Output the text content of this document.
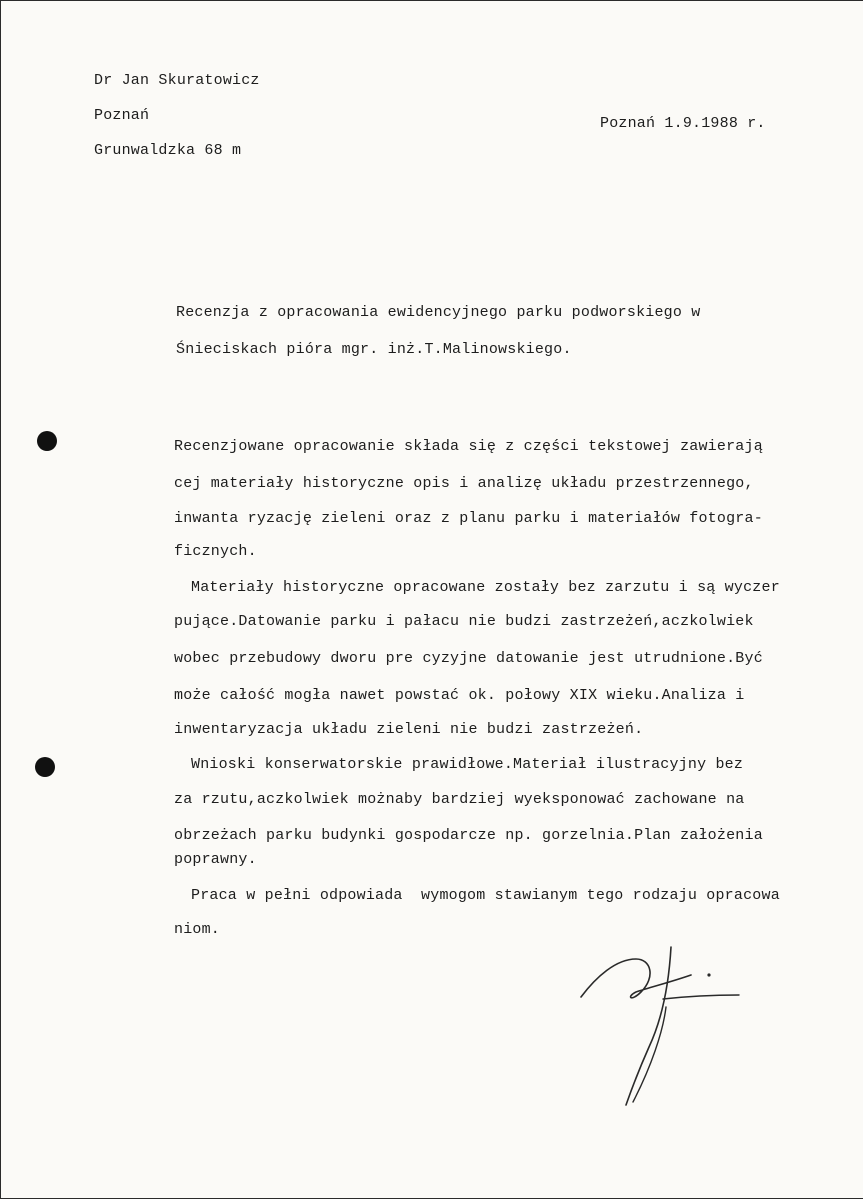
Dr Jan Skuratowicz
Poznań
Grunwaldzka 68 m
Poznań 1.9.1988 r.
Recenzja z opracowania ewidencyjnego parku podworskiego w
Śnieciskach pióra mgr. inż.T.Malinowskiego.
Recenzjowane opracowanie składa się z części tekstowej zawierają
cej materiały historyczne opis i analizę układu przestrzennego,
inwanta ryzację zieleni oraz z planu parku i materiałów fotogra-
ficznych.
Materiały historyczne opracowane zostały bez zarzutu i są wyczer
pujące.Datowanie parku i pałacu nie budzi zastrzeżeń,aczkolwiek
wobec przebudowy dworu pre cyzyjne datowanie jest utrudnione.Być
może całość mogła nawet powstać ok. połowy XIX wieku.Analiza i
inwentaryzacja układu zieleni nie budzi zastrzeżeń.
Wnioski konserwatorskie prawidłowe.Materiał ilustracyjny bez
za rzutu,aczkolwiek możnaby bardziej wyeksponować zachowane na
obrzeżach parku budynki gospodarcze np. gorzelnia.Plan założenia
poprawny.
Praca w pełni odpowiada  wymogom stawianym tego rodzaju opracowa
niom.
